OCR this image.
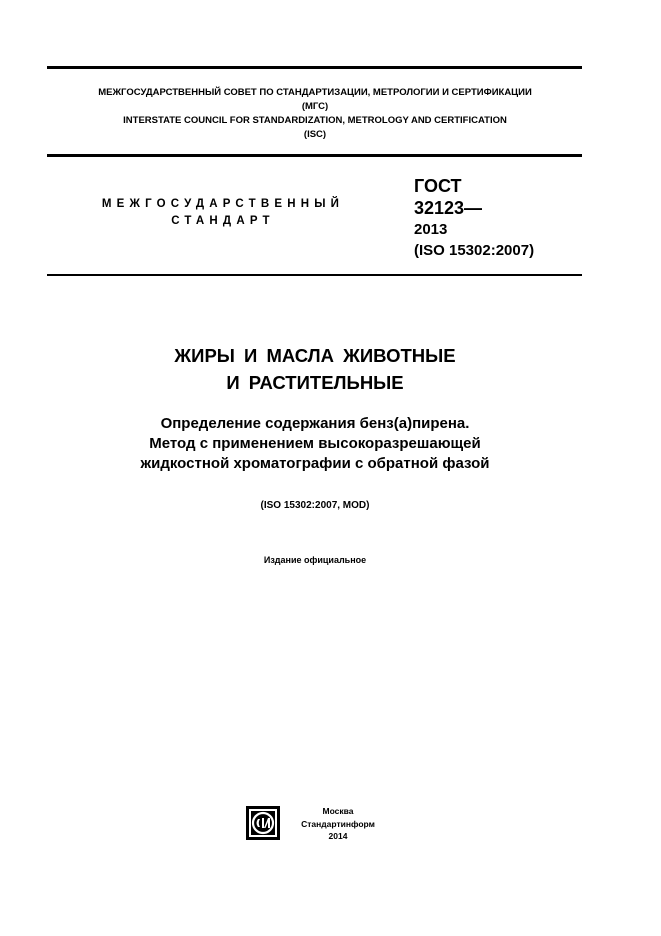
МЕЖГОСУДАРСТВЕННЫЙ СОВЕТ ПО СТАНДАРТИЗАЦИИ, МЕТРОЛОГИИ И СЕРТИФИКАЦИИ
(МГС)
INTERSTATE COUNCIL FOR STANDARDIZATION, METROLOGY AND CERTIFICATION
(ISC)
МЕЖГОСУДАРСТВЕННЫЙ
СТАНДАРТ
ГОСТ
32123—
2013
(ISO 15302:2007)
ЖИРЫ И МАСЛА ЖИВОТНЫЕ
И РАСТИТЕЛЬНЫЕ
Определение содержания бенз(а)пирена.
Метод с применением высокоразрешающей
жидкостной хроматографии с обратной фазой
(ISO 15302:2007, MOD)
Издание официальное
Москва
Стандартинформ
2014
